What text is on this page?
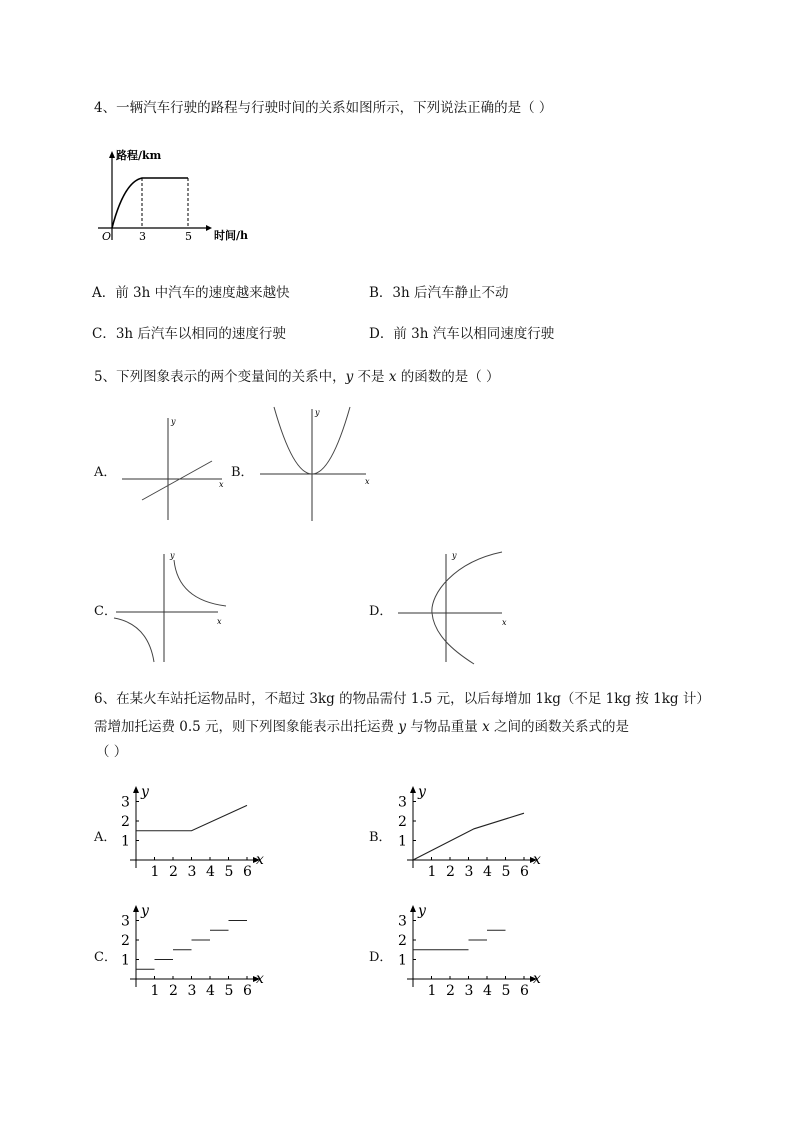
4、一辆汽车行驶的路程与行驶时间的关系如图所示，下列说法正确的是（ ）
路程/km
时间/h
O	3	5
A．前 3h 中汽车的速度越来越快	B．3h 后汽车静止不动
C．3h 后汽车以相同的速度行驶	D．前 3h 汽车以相同速度行驶
5、下列图象表示的两个变量间的关系中，y 不是 x 的函数的是（ ）
A．
x
y
B．
x
y
C．
x
y
D．
x
y
6、在某火车站托运物品时，不超过 3kg 的物品需付 1.5 元，以后每增加 1kg（不足 1kg 按 1kg 计）
需增加托运费 0.5 元，则下列图象能表示出托运费 y 与物品重量 x 之间的函数关系式的是
（ ）
A．
1 2 3 4 5 6
1
2
3
x
y
B．
1 2 3 4 5 6
1
2
3
x
y
C．
1 2 3 4 5 6
1
2
3
x
y
D．
1 2 3 4 5 6
1
2
3
x
y
